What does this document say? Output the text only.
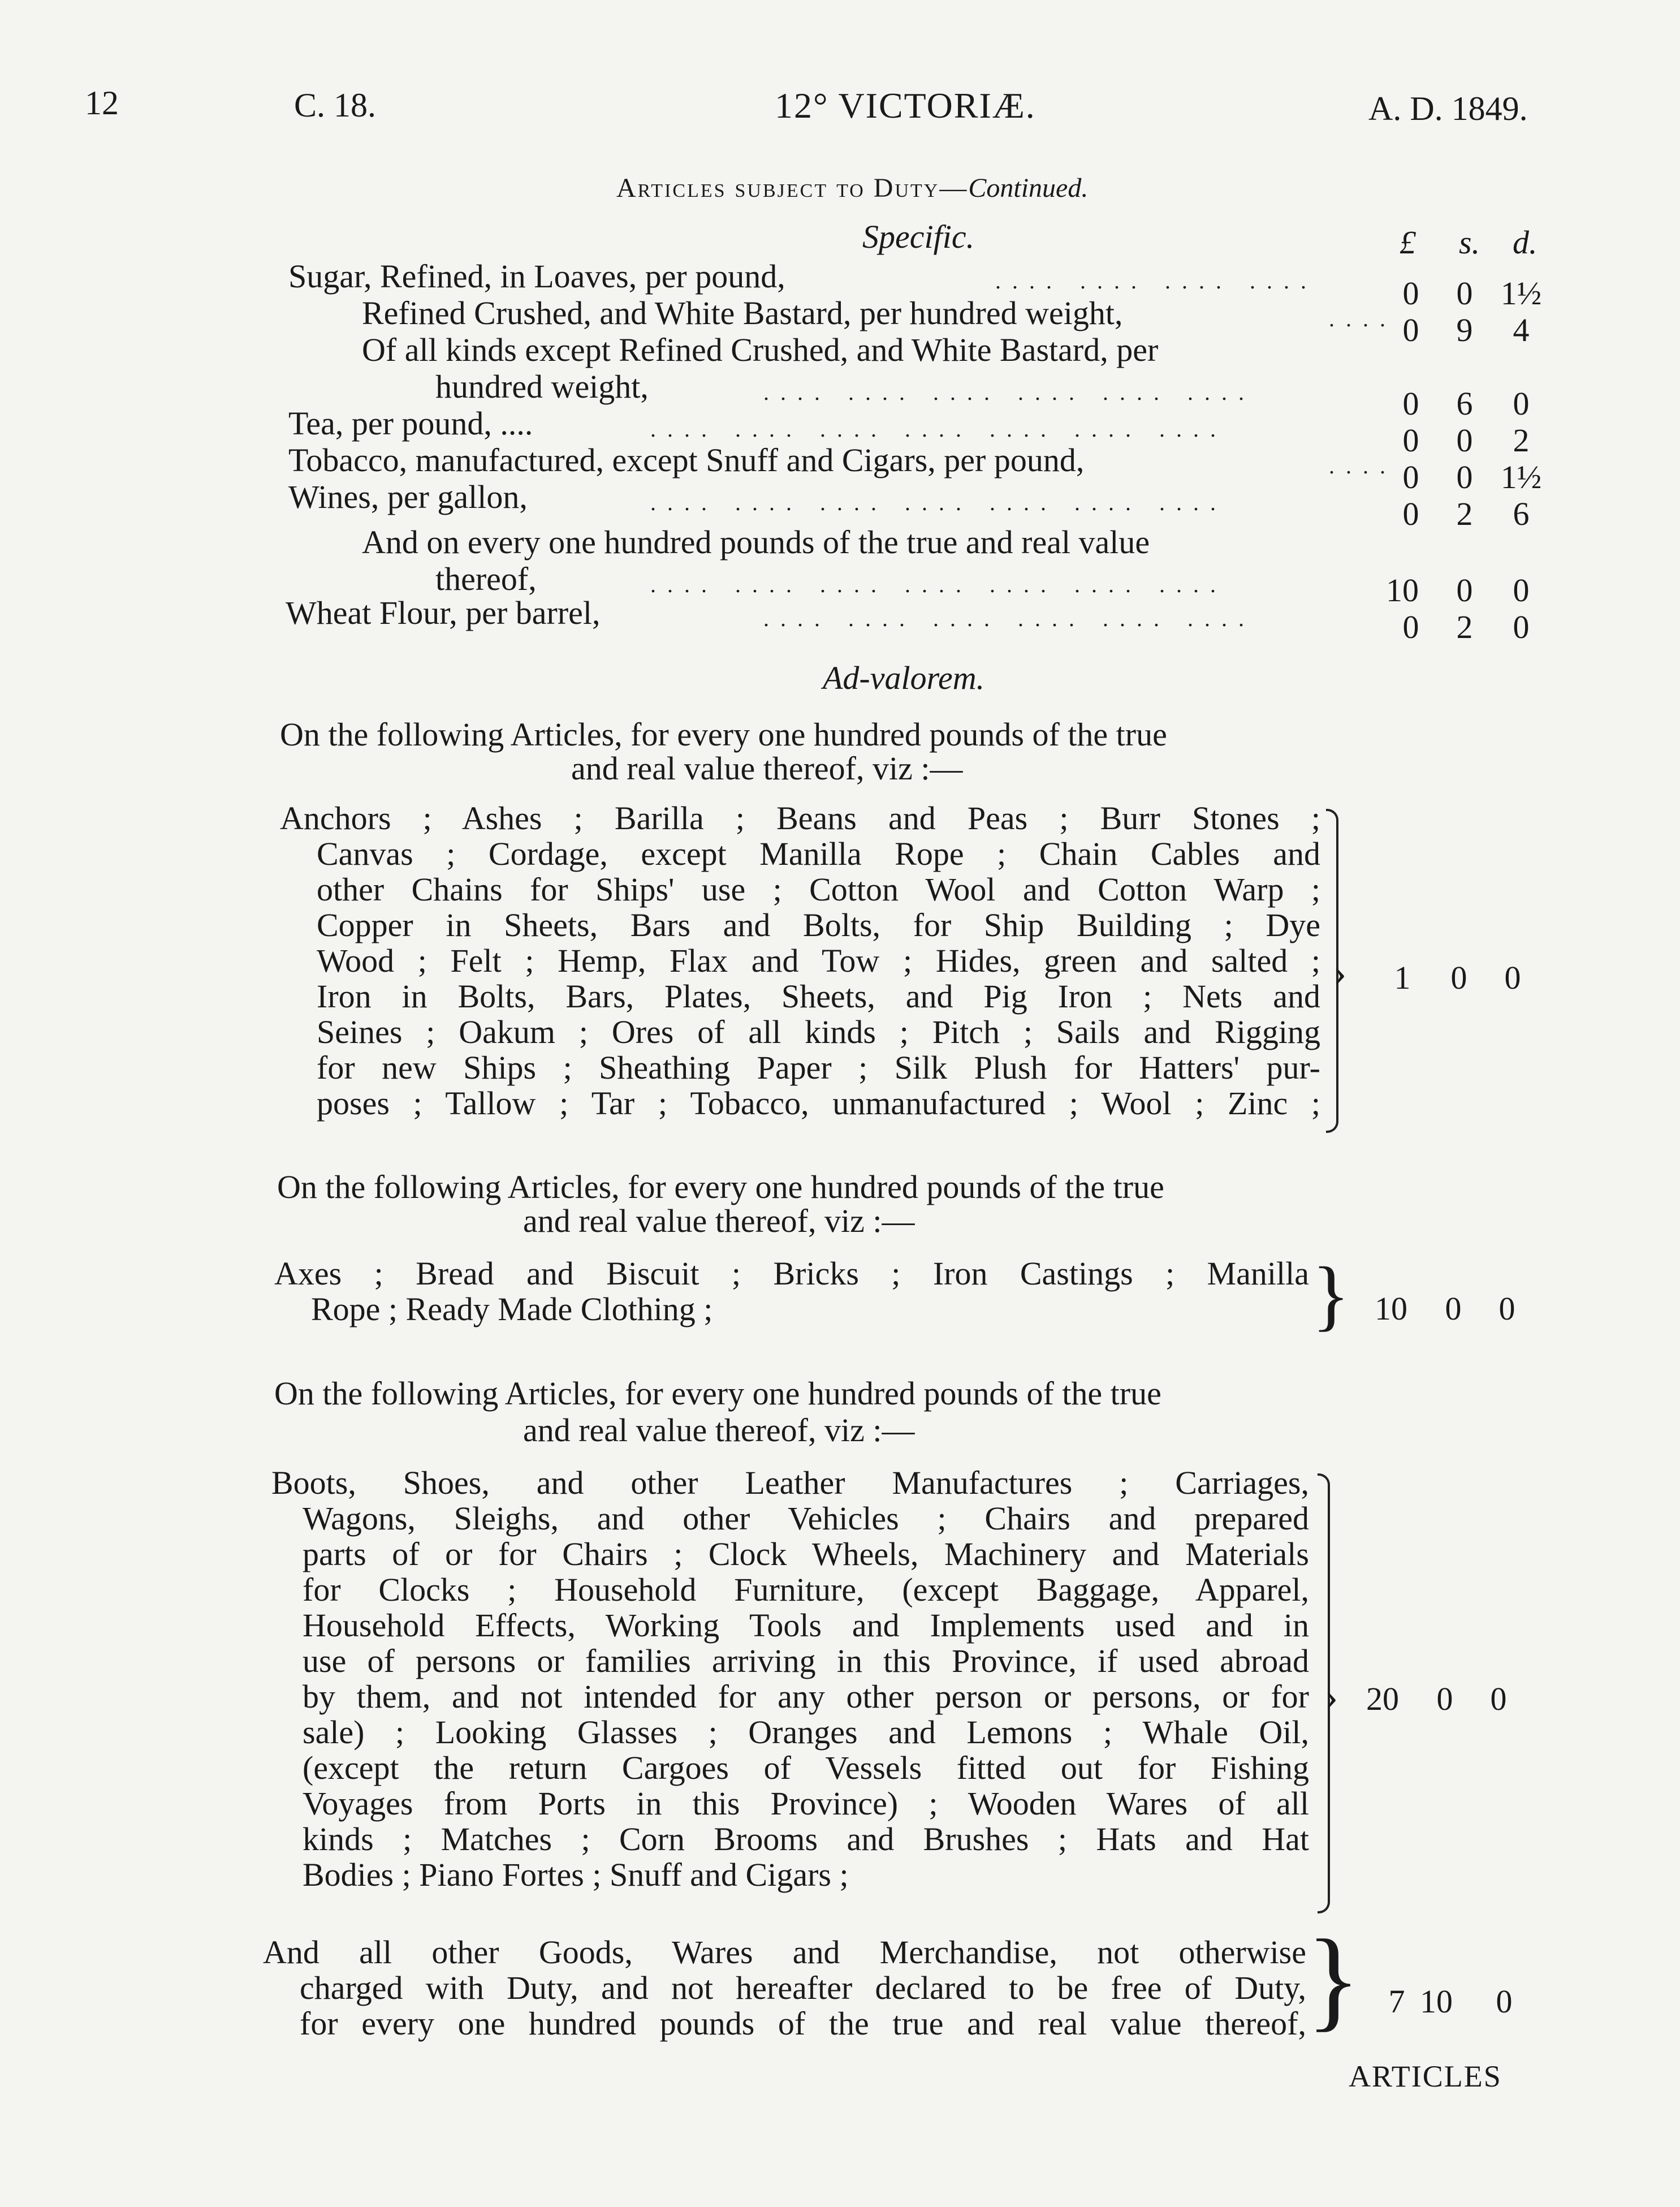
12	C. 18.	12° VICTORIÆ.	A. D. 1849.
Articles subject to Duty—Continued.
Specific.	£ s. d.
Sugar, Refined, in Loaves, per pound,	.... .... .... ....	0	0 1½
Refined Crushed, and White Bastard, per hundred weight,	.... 0	9	4
Of all kinds except Refined Crushed, and White Bastard, per
hundred weight,	.... .... .... .... .... ....	0	6	0
Tea, per pound, ....	.... .... .... .... .... .... ....	0	0	2
Tobacco, manufactured, except Snuff and Cigars, per pound,	.... 0	0 1½
Wines, per gallon,	.... .... .... .... .... .... ....	0	2	6
And on every one hundred pounds of the true and real value
thereof,	.... .... .... .... .... .... ....	10	0	0
Wheat Flour, per barrel,	.... .... .... .... .... ....	0	2	0
Ad-valorem.
On the following Articles, for every one hundred pounds of the true
and real value thereof, viz :—
Anchors ; Ashes ; Barilla ; Beans and Peas ; Burr Stones ;
Canvas ; Cordage, except Manilla Rope ; Chain Cables and
other Chains for Ships' use ; Cotton Wool and Cotton Warp ;
Copper in Sheets, Bars and Bolts, for Ship Building ; Dye
Wood ; Felt ; Hemp, Flax and Tow ; Hides, green and salted ;
Iron in Bolts, Bars, Plates, Sheets, and Pig Iron ; Nets and
Seines ; Oakum ; Ores of all kinds ; Pitch ; Sails and Rigging
for new Ships ; Sheathing Paper ; Silk Plush for Hatters' pur-
poses ; Tallow ; Tar ; Tobacco, unmanufactured ; Wool ; Zinc ;
›	1	0	0
On the following Articles, for every one hundred pounds of the true
and real value thereof, viz :—
Axes ; Bread and Biscuit ; Bricks ; Iron Castings ; Manilla
Rope ; Ready Made Clothing ;	} 10	0	0
On the following Articles, for every one hundred pounds of the true
and real value thereof, viz :—
Boots, Shoes, and other Leather Manufactures ; Carriages,
Wagons, Sleighs, and other Vehicles ; Chairs and prepared
parts of or for Chairs ; Clock Wheels, Machinery and Materials
for Clocks ; Household Furniture, (except Baggage, Apparel,
Household Effects, Working Tools and Implements used and in
use of persons or families arriving in this Province, if used abroad
by them, and not intended for any other person or persons, or for
sale) ; Looking Glasses ; Oranges and Lemons ; Whale Oil,
(except the return Cargoes of Vessels fitted out for Fishing
Voyages from Ports in this Province) ; Wooden Wares of all
kinds ; Matches ; Corn Brooms and Brushes ; Hats and Hat
Bodies ; Piano Fortes ; Snuff and Cigars ;
› 20	0	0
And all other Goods, Wares and Merchandise, not otherwise
charged with Duty, and not hereafter declared to be free of Duty,
for every one hundred pounds of the true and real value thereof, } 7 10	0
ARTICLES
